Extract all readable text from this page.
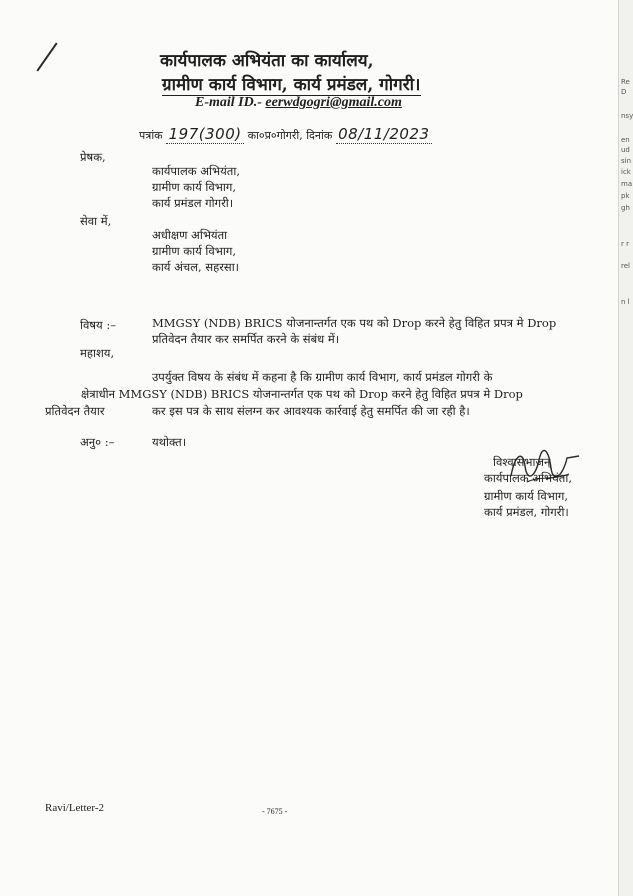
कार्यपालक अभियंता का कार्यालय,
ग्रामीण कार्य विभाग, कार्य प्रमंडल, गोगरी।
E-mail ID.- eerwdgogri@gmail.com
पत्रांक 197(300) का०प्र०गोगरी, दिनांक 08/11/2023
प्रेषक,
कार्यपालक अभियंता,
ग्रामीण कार्य विभाग,
कार्य प्रमंडल गोगरी।
सेवा में,
अधीक्षण अभियंता
ग्रामीण कार्य विभाग,
कार्य अंचल, सहरसा।
विषय :–	MMGSY (NDB) BRICS योजनान्तर्गत एक पथ को Drop करने हेतु विहित प्रपत्र मे Drop
प्रतिवेदन तैयार कर समर्पित करने के संबंध में।
महाशय,
उपर्युक्त विषय के संबंध में कहना है कि ग्रामीण कार्य विभाग, कार्य प्रमंडल गोगरी के
क्षेत्राधीन MMGSY (NDB) BRICS योजनान्तर्गत एक पथ को Drop करने हेतु विहित प्रपत्र मे Drop
प्रतिवेदन तैयार	कर इस पत्र के साथ संलग्न कर आवश्यक कार्रवाई हेतु समर्पित की जा रही है।
अनु० :–	यथोक्त।
विश्वासभाजन्
कार्यपालक अभियंता,
ग्रामीण कार्य विभाग,
कार्य प्रमंडल, गोगरी।
Ravi/Letter-2	- 7675 -
Re
D
nsy
en
ud
sin
ick
ma
pk
gh
r r
rel
n l
